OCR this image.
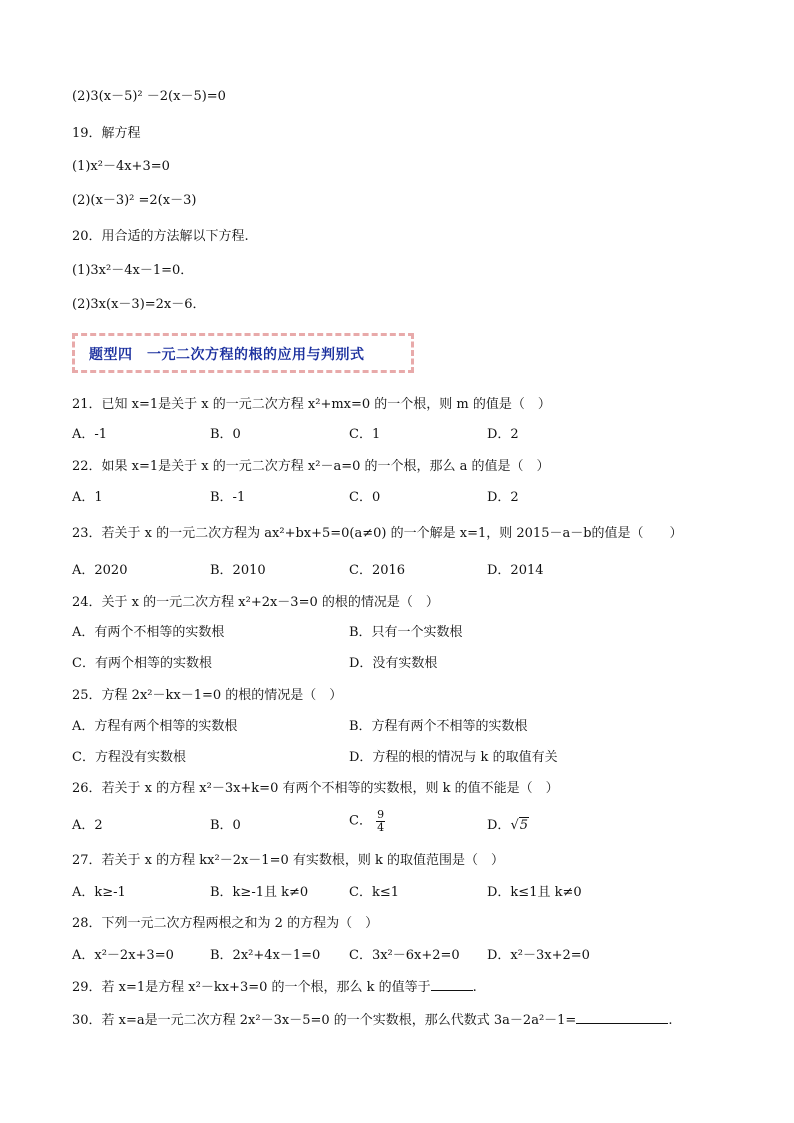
(2)3(x－5)² －2(x－5)=0
19．解方程
(1)x²－4x+3=0
(2)(x－3)² =2(x－3)
20．用合适的方法解以下方程.
(1)3x²－4x－1=0．
(2)3x(x－3)=2x－6．
题型四　一元二次方程的根的应用与判别式
21．已知 x=1是关于 x 的一元二次方程 x²+mx=0 的一个根，则 m 的值是（　）
A．-1	B．0	C．1	D．2
22．如果 x=1是关于 x 的一元二次方程 x²－a=0 的一个根，那么 a 的值是（　）
A．1	B．-1	C．0	D．2
23．若关于 x 的一元二次方程为 ax²+bx+5=0(a≠0) 的一个解是 x=1，则 2015－a－b的值是（　　）
A．2020	B．2010	C．2016	D．2014
24．关于 x 的一元二次方程 x²+2x－3=0 的根的情况是（　）
A．有两个不相等的实数根	B．只有一个实数根
C．有两个相等的实数根	D．没有实数根
25．方程 2x²－kx－1=0 的根的情况是（　）
A．方程有两个相等的实数根	B．方程有两个不相等的实数根
C．方程没有实数根	D．方程的根的情况与 k 的取值有关
26．若关于 x 的方程 x²－3x+k=0 有两个不相等的实数根，则 k 的值不能是（　）
A．2	B．0	C． $\frac{9}{4}$	D．√5
27．若关于 x 的方程 kx²－2x－1=0 有实数根，则 k 的取值范围是（　）
A．k≥-1	B．k≥-1且 k≠0	C．k≤1	D．k≤1且 k≠0
28．下列一元二次方程两根之和为 2 的方程为（　）
A．x²－2x+3=0	B．2x²+4x－1=0 C．3x²－6x+2=0 D．x²－3x+2=0
29．若 x=1是方程 x²－kx+3=0 的一个根，那么 k 的值等于	.
30．若 x=a是一元二次方程 2x²－3x－5=0 的一个实数根，那么代数式 3a－2a²－1=	.
